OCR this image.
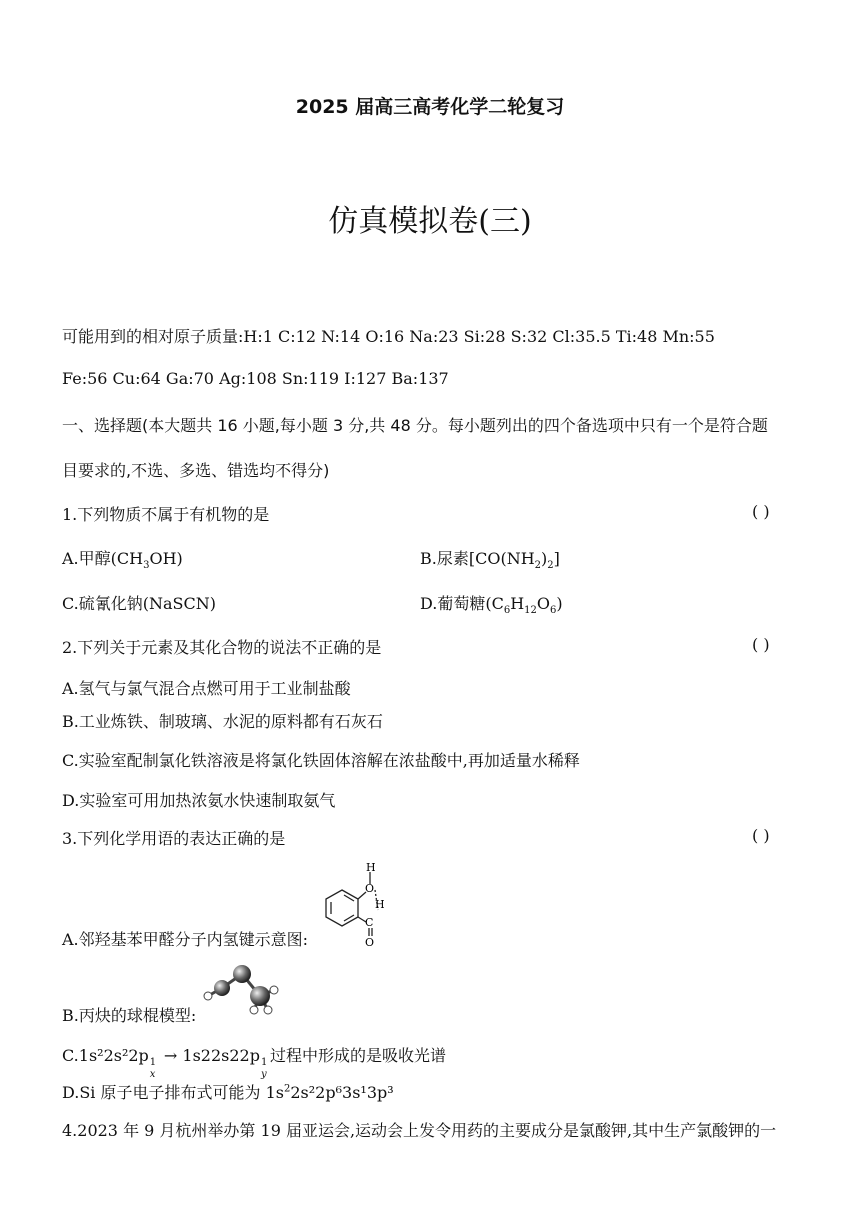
2025 届高三高考化学二轮复习
仿真模拟卷(三)
可能用到的相对原子质量:H:1 C:12 N:14 O:16 Na:23 Si:28 S:32 Cl:35.5 Ti:48 Mn:55
Fe:56 Cu:64 Ga:70 Ag:108 Sn:119 I:127 Ba:137
一、选择题(本大题共 16 小题,每小题 3 分,共 48 分。每小题列出的四个备选项中只有一个是符合题
目要求的,不选、多选、错选均不得分)
1.下列物质不属于有机物的是	( )
A.甲醇$(CH_3OH)$	B.尿素$[CO(NH_2)_2]$
C.硫氰化钠(NaSCN)	D.葡萄糖$(C_6H_{12}O_6)$
2.下列关于元素及其化合物的说法不正确的是	( )
A.氢气与氯气混合点燃可用于工业制盐酸
B.工业炼铁、制玻璃、水泥的原料都有石灰石
C.实验室配制氯化铁溶液是将氯化铁固体溶解在浓盐酸中,再加适量水稀释
D.实验室可用加热浓氨水快速制取氨气
3.下列化学用语的表达正确的是	( )
A.邻羟基苯甲醛分子内氢键示意图:
H
O
H
C
O
B.丙炔的球棍模型:
C.1s²2s²2p 1
x
→ 1s22s22p 1
y
过程中形成的是吸收光谱
D.Si 原子电子排布式可能为 $1s^22s^22p^63s^13p^3$
4.2023 年 9 月杭州举办第 19 届亚运会,运动会上发令用药的主要成分是氯酸钾,其中生产氯酸钾的一
